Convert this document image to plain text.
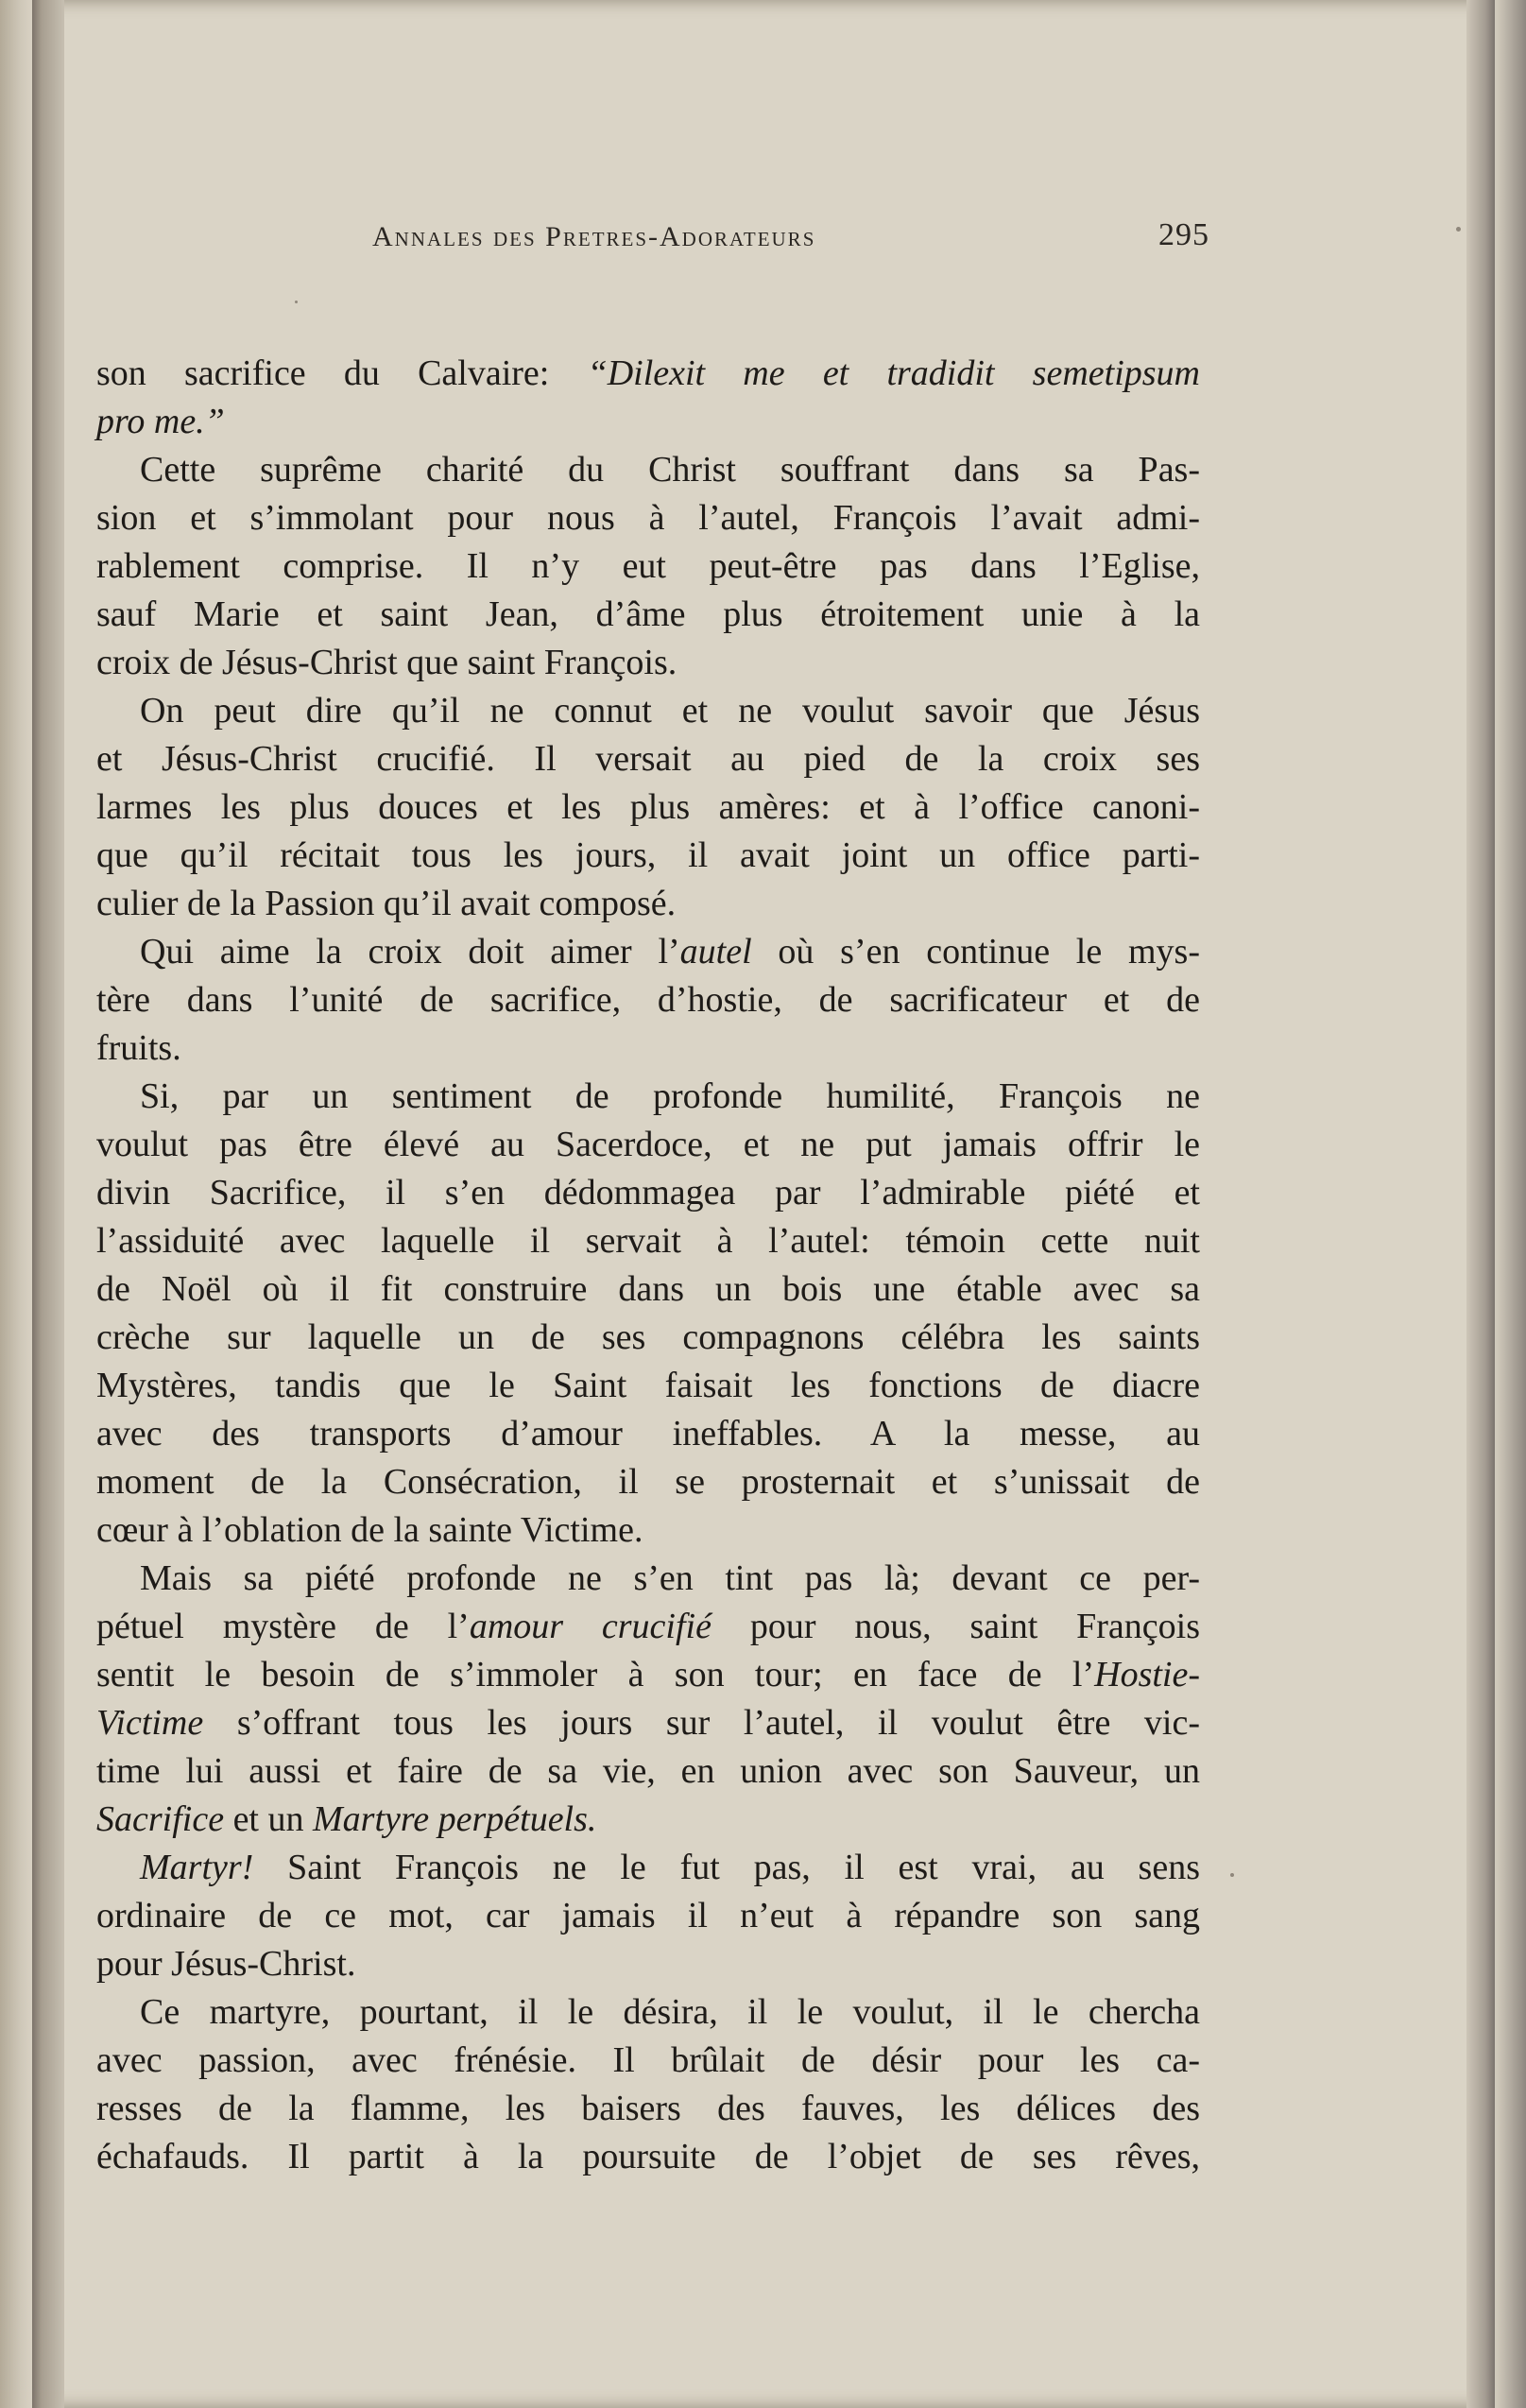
Annales des Pretres-Adorateurs	295
son sacrifice du Calvaire: “Dilexit me et tradidit semetipsum
pro me.”
Cette suprême charité du Christ souffrant dans sa Pas-
sion et s’immolant pour nous à l’autel, François l’avait admi-
rablement comprise. Il n’y eut peut-être pas dans l’Eglise,
sauf Marie et saint Jean, d’âme plus étroitement unie à la
croix de Jésus-Christ que saint François.
On peut dire qu’il ne connut et ne voulut savoir que Jésus
et Jésus-Christ crucifié. Il versait au pied de la croix ses
larmes les plus douces et les plus amères: et à l’office canoni-
que qu’il récitait tous les jours, il avait joint un office parti-
culier de la Passion qu’il avait composé.
Qui aime la croix doit aimer l’autel où s’en continue le mys-
tère dans l’unité de sacrifice, d’hostie, de sacrificateur et de
fruits.
Si, par un sentiment de profonde humilité, François ne
voulut pas être élevé au Sacerdoce, et ne put jamais offrir le
divin Sacrifice, il s’en dédommagea par l’admirable piété et
l’assiduité avec laquelle il servait à l’autel: témoin cette nuit
de Noël où il fit construire dans un bois une étable avec sa
crèche sur laquelle un de ses compagnons célébra les saints
Mystères, tandis que le Saint faisait les fonctions de diacre
avec des transports d’amour ineffables. A la messe, au
moment de la Consécration, il se prosternait et s’unissait de
cœur à l’oblation de la sainte Victime.
Mais sa piété profonde ne s’en tint pas là; devant ce per-
pétuel mystère de l’amour crucifié pour nous, saint François
sentit le besoin de s’immoler à son tour; en face de l’Hostie-
Victime s’offrant tous les jours sur l’autel, il voulut être vic-
time lui aussi et faire de sa vie, en union avec son Sauveur, un
Sacrifice et un Martyre perpétuels.
Martyr! Saint François ne le fut pas, il est vrai, au sens
ordinaire de ce mot, car jamais il n’eut à répandre son sang
pour Jésus-Christ.
Ce martyre, pourtant, il le désira, il le voulut, il le chercha
avec passion, avec frénésie. Il brûlait de désir pour les ca-
resses de la flamme, les baisers des fauves, les délices des
échafauds. Il partit à la poursuite de l’objet de ses rêves,
